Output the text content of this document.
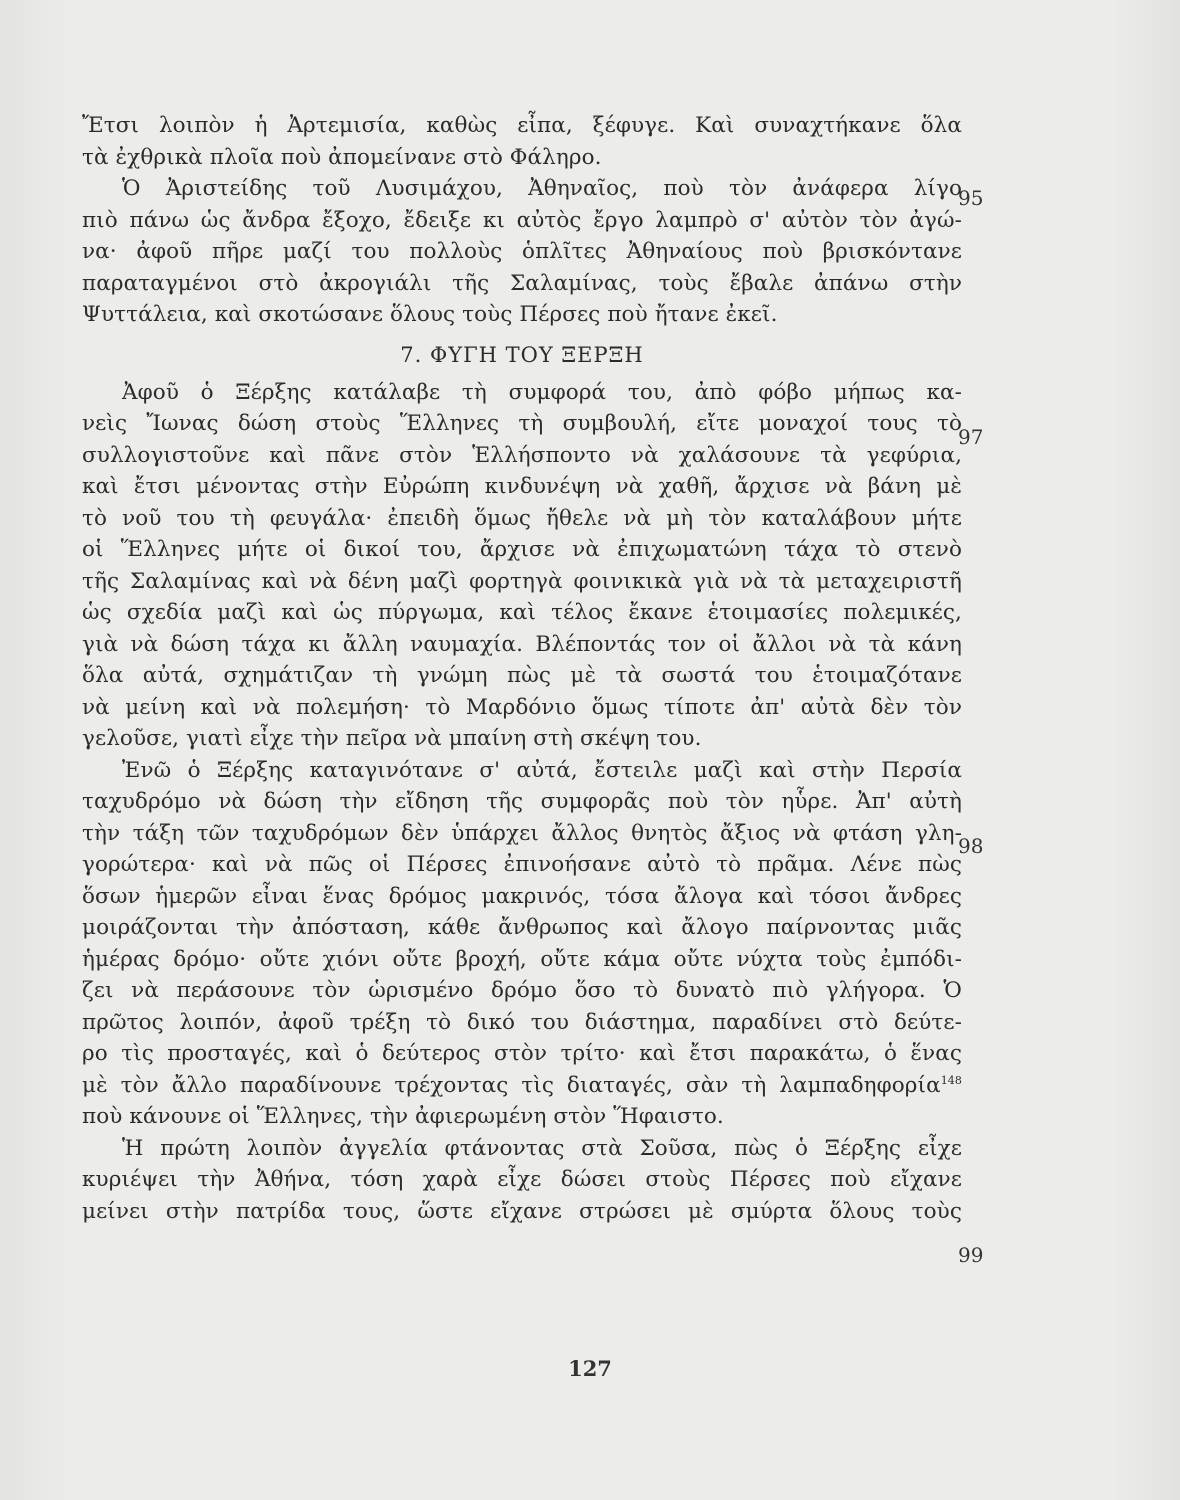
Ἔτσι λοιπὸν ἡ Ἀρτεμισία, καθὼς εἶπα, ξέφυγε. Καὶ συναχτήκανε ὅλα
τὰ ἐχθρικὰ πλοῖα ποὺ ἀπομείνανε στὸ Φάληρο.
Ὁ Ἀριστείδης τοῦ Λυσιμάχου, Ἀθηναῖος, ποὺ τὸν ἀνάφερα λίγο
πιὸ πάνω ὡς ἄνδρα ἔξοχο, ἔδειξε κι αὐτὸς ἔργο λαμπρὸ σ' αὐτὸν τὸν ἀγώ-
να· ἀφοῦ πῆρε μαζί του πολλοὺς ὁπλῖτες Ἀθηναίους ποὺ βρισκόντανε
παραταγμένοι στὸ ἀκρογιάλι τῆς Σαλαμίνας, τοὺς ἔβαλε ἀπάνω στὴν
Ψυττάλεια, καὶ σκοτώσανε ὅλους τοὺς Πέρσες ποὺ ἤτανε ἐκεῖ.
7. ΦΥΓΗ ΤΟΥ ΞΕΡΞΗ
Ἀφοῦ ὁ Ξέρξης κατάλαβε τὴ συμφορά του, ἀπὸ φόβο μήπως κα-
νεὶς Ἴωνας δώση στοὺς Ἕλληνες τὴ συμβουλή, εἴτε μοναχοί τους τὸ
συλλογιστοῦνε καὶ πᾶνε στὸν Ἑλλήσποντο νὰ χαλάσουνε τὰ γεφύρια,
καὶ ἔτσι μένοντας στὴν Εὐρώπη κινδυνέψη νὰ χαθῆ, ἄρχισε νὰ βάνη μὲ
τὸ νοῦ του τὴ φευγάλα· ἐπειδὴ ὅμως ἤθελε νὰ μὴ τὸν καταλάβουν μήτε
οἱ Ἕλληνες μήτε οἱ δικοί του, ἄρχισε νὰ ἐπιχωματώνη τάχα τὸ στενὸ
τῆς Σαλαμίνας καὶ νὰ δένη μαζὶ φορτηγὰ φοινικικὰ γιὰ νὰ τὰ μεταχειριστῆ
ὡς σχεδία μαζὶ καὶ ὡς πύργωμα, καὶ τέλος ἔκανε ἑτοιμασίες πολεμικές,
γιὰ νὰ δώση τάχα κι ἄλλη ναυμαχία. Βλέποντάς τον οἱ ἄλλοι νὰ τὰ κάνη
ὅλα αὐτά, σχημάτιζαν τὴ γνώμη πὼς μὲ τὰ σωστά του ἑτοιμαζότανε
νὰ μείνη καὶ νὰ πολεμήση· τὸ Μαρδόνιο ὅμως τίποτε ἀπ' αὐτὰ δὲν τὸν
γελοῦσε, γιατὶ εἶχε τὴν πεῖρα νὰ μπαίνη στὴ σκέψη του.
Ἐνῶ ὁ Ξέρξης καταγινότανε σ' αὐτά, ἔστειλε μαζὶ καὶ στὴν Περσία
ταχυδρόμο νὰ δώση τὴν εἴδηση τῆς συμφορᾶς ποὺ τὸν ηὗρε. Ἀπ' αὐτὴ
τὴν τάξη τῶν ταχυδρόμων δὲν ὑπάρχει ἄλλος θνητὸς ἄξιος νὰ φτάση γλη-
γορώτερα· καὶ νὰ πῶς οἱ Πέρσες ἐπινοήσανε αὐτὸ τὸ πρᾶμα. Λένε πὼς
ὅσων ἡμερῶν εἶναι ἕνας δρόμος μακρινός, τόσα ἄλογα καὶ τόσοι ἄνδρες
μοιράζονται τὴν ἀπόσταση, κάθε ἄνθρωπος καὶ ἄλογο παίρνοντας μιᾶς
ἡμέρας δρόμο· οὔτε χιόνι οὔτε βροχή, οὔτε κάμα οὔτε νύχτα τοὺς ἐμπόδι-
ζει νὰ περάσουνε τὸν ὡρισμένο δρόμο ὅσο τὸ δυνατὸ πιὸ γλήγορα. Ὁ
πρῶτος λοιπόν, ἀφοῦ τρέξη τὸ δικό του διάστημα, παραδίνει στὸ δεύτε-
ρο τὶς προσταγές, καὶ ὁ δεύτερος στὸν τρίτο· καὶ ἔτσι παρακάτω, ὁ ἕνας
μὲ τὸν ἄλλο παραδίνουνε τρέχοντας τὶς διαταγές, σὰν τὴ λαμπαδηφορία$^{148}$
ποὺ κάνουνε οἱ Ἕλληνες, τὴν ἀφιερωμένη στὸν Ἥφαιστο.
Ἡ πρώτη λοιπὸν ἀγγελία φτάνοντας στὰ Σοῦσα, πὼς ὁ Ξέρξης εἶχε
κυριέψει τὴν Ἀθήνα, τόση χαρὰ εἶχε δώσει στοὺς Πέρσες ποὺ εἴχανε
μείνει στὴν πατρίδα τους, ὥστε εἴχανε στρώσει μὲ σμύρτα ὅλους τοὺς
95
97
98
99
127
